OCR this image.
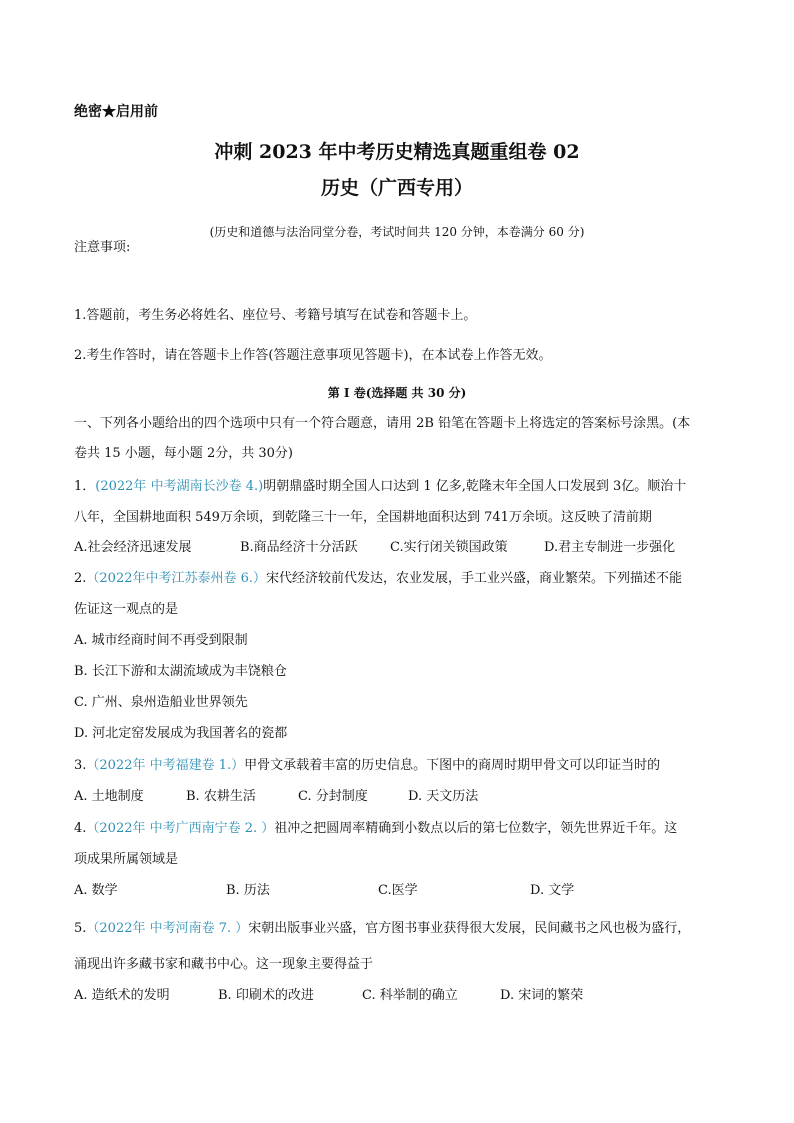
绝密★启用前
冲刺 2023 年中考历史精选真题重组卷 02
历史（广西专用）
(历史和道德与法治同堂分卷，考试时间共 120 分钟，本卷满分 60 分)
注意事项:
1.答题前，考生务必将姓名、座位号、考籍号填写在试卷和答题卡上。
2.考生作答时，请在答题卡上作答(答题注意事项见答题卡)，在本试卷上作答无效。
第 I 卷(选择题 共 30 分)
一、下列各小题给出的四个选项中只有一个符合题意，请用 2B 铅笔在答题卡上将选定的答案标号涂黑。(本
卷共 15 小题，每小题 2分，共 30分)
1．(2022年 中考湖南长沙卷 4.)明朝鼎盛时期全国人口达到 1 亿多,乾隆末年全国人口发展到 3亿。顺治十
八年，全国耕地面积 549万余顷，到乾隆三十一年，全国耕地面积达到 741万余顷。这反映了清前期
A.社会经济迅速发展	B.商品经济十分活跃 C.实行闭关锁国政策	D.君主专制进一步强化
2.（2022年中考江苏泰州卷 6.）宋代经济较前代发达，农业发展，手工业兴盛，商业繁荣。下列描述不能
佐证这一观点的是
A. 城市经商时间不再受到限制
B. 长江下游和太湖流域成为丰饶粮仓
C. 广州、泉州造船业世界领先
D. 河北定窑发展成为我国著名的瓷都
3.（2022年 中考福建卷 1.）甲骨文承载着丰富的历史信息。下图中的商周时期甲骨文可以印证当时的
A. 土地制度	B. 农耕生活	C. 分封制度	D. 天文历法
4.（2022年 中考广西南宁卷 2. ）祖冲之把圆周率精确到小数点以后的第七位数字，领先世界近千年。这
项成果所属领域是
A. 数学	B. 历法	C.医学	D. 文学
5.（2022年 中考河南卷 7. ）宋朝出版事业兴盛，官方图书事业获得很大发展，民间藏书之风也极为盛行，
涌现出许多藏书家和藏书中心。这一现象主要得益于
A. 造纸术的发明	B. 印刷术的改进	C. 科举制的确立	D. 宋词的繁荣
